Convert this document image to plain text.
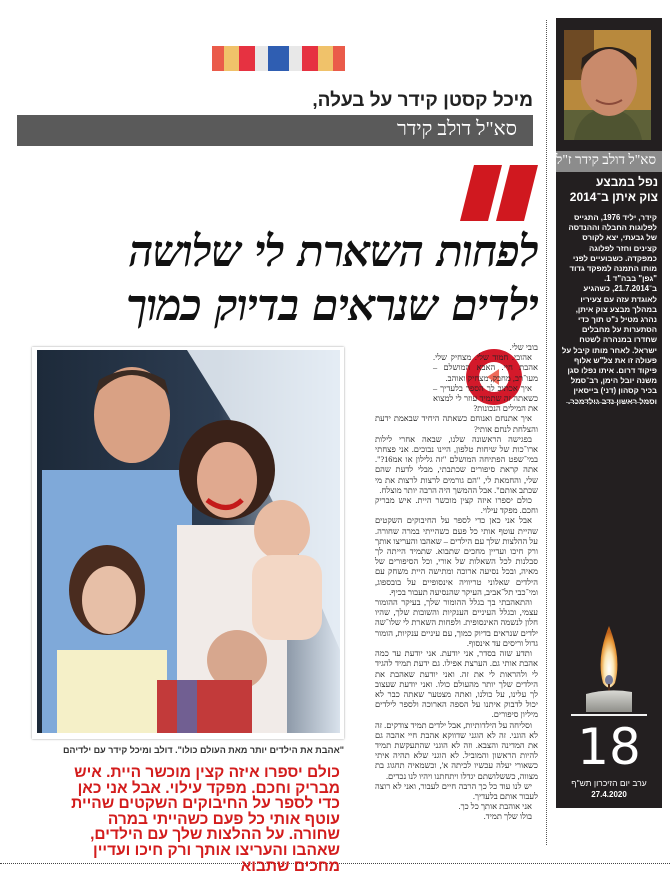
מיכל קסטן קידר על בעלה,
סא"ל דולב קידר
לפחות השארת לי שלושה
ילדים שנראים בדיוק כמוך
"אהבת את הילדים יותר מאת העולם כולו". דולב ומיכל קידר עם ילדיהם
כולם יספרו איזה קצין מוכשר היית. איש מבריק וחכם. מפקד עילוי. אבל אני כאן כדי לספר על החיבוקים השקטים שהיית עוטף אותי כל פעם כשהייתי במרה שחורה. על ההלצות שלך עם הילדים, שאהבו והעריצו אותך ורק חיכו ועדיין מחכים שתבוא

בובי שלי.

אהובי. חמוד שלי. מצחיק שלי. אהבת חיי. האבא המושלם – מעו־רב, מחבק, מצחיק ואוהב.

איך אכתוב לך הספר בלעדיך – כשאתה זה שתמיד עוזר לי למצוא את המילים הנכונות?

איך אתנחם ואנוחם כשאתה היחיד שבאמת ידעת והצלחת לנחם אותי?

בפגישה הראשונה שלנו, שבאה אחרי לילות ארו־כות של שיחות טלפון, היינו נבוכים. אני פצחתי במי־שפט הפתיחה המושלם "זה גלילון או אמ16?". אתה קראת סיפורים שכתבתי, מבלי לדעת שהם שלי, והחמאת לי, "הם גורמים לרצות לרצות את מי שכתב אותם". אבל ההמשך היה הרבה יותר מוצלח.

כולם יספרו איזה קצין מוכשר היית. איש מבריק וחכם. מפקד עילוי.

אבל אני כאן כדי לספר על החיבוקים השקטים שהיית עוטף אותי כל פעם כשהייתי במרה שחורה. על ההלצות שלך עם הילדים – שאהבו והעריצו אותך ורק חיכו ועדיין מחכים שתבוא. שתמיד הייתה לך סבלנות לכל השאלות של אורי, וכל הסיפורים של מאיה, ובכל נסיעה ארוכה ומתישה היית משחק עם הילדים שאלוני טריוויה אינסופיים על בובספוג, ומי־כבי תל־אביב, העיקר שהנסיעה תעבור בכיף.

והתאהבתי בך בגלל ההומור שלך, בעיקר ההומור עצמי, ובגלל העיניים הענקיות והשובות שלך, שהיו חלון לנשמה האינסופית. ולפחות השארת לי שלו־שה ילדים שנראים בדיוק כמוך, עם עיניים ענקיות, הומור גדול וריסים עד אינסוף.

ותדע שזה בסדר, אני יודעת. אני יודעת עד כמה אהבת אותי גם. הערצת אפילו. גם ידעת תמיד להגיד לי ולהראות לי את זה. ואני יודעת שאהבת את הילדים שלך יותר מהעולם כולו. ואני יודעת שעצוב לך עלינו, על כולנו, ואתה מצטער שאתה כבר לא יכול לדבוק איתנו על הספה הארוכה ולספר לילדים מיליון סיפורים.

וסליחה על הילדותיות, אבל ילדים תמיד צודקים. זה לא הוגני. זה לא הוגני שדווקא אהבת חיי אהבה גם את המדינה והצבא. וזה לא הוגני שהתעקשת תמיד להיות הראשון והמוביל. לא הוגני שלא תהיה איתי כשאורי יעלה עכשיו לכיתה א', וכשמאיה תחגוג בת מצווה, כששלושתם יגדלו ויתחתנו ויהיו לנו נכדים.

יש לנו עוד כל כך הרבה חיים לעבור, ואני לא רוצה לעבור אותם בלעדיך.

אני אוהבת אותך כל כך.

בולו שלך תמיד.

סא"ל דולב קידר ז"ל
נפל במבצע
צוק איתן ב־2014
קידר, יליד 1976, התגייס לפלוגות החבלה וההנדסה של גבעתי, יצא לקורס קצינים וחזר לפלוגה כמפקדה. כשבועיים לפני מותו התמנה למפקד גדוד "גפן" בבה"ד 1. ב־21.7.2014, כשהגיע לאוגדת עזה עם צעיריו במהלך מבצע צוק איתן, נהרג מטיל נ"ט תוך כדי הסתערות על מחבלים שחדרו במנהרה לשטח ישראל. לאחר מותו קיבל על פעולה זו את צל"ש אלוף פיקוד דרום. איתו נפלו סגן משנה יובל הימן, רב־סמל בכיר קסהון (דני) בייסאין וסמל ראשון נדב גולדמכר.
18
ערב יום הזיכרון תש"ף
27.4.2020
